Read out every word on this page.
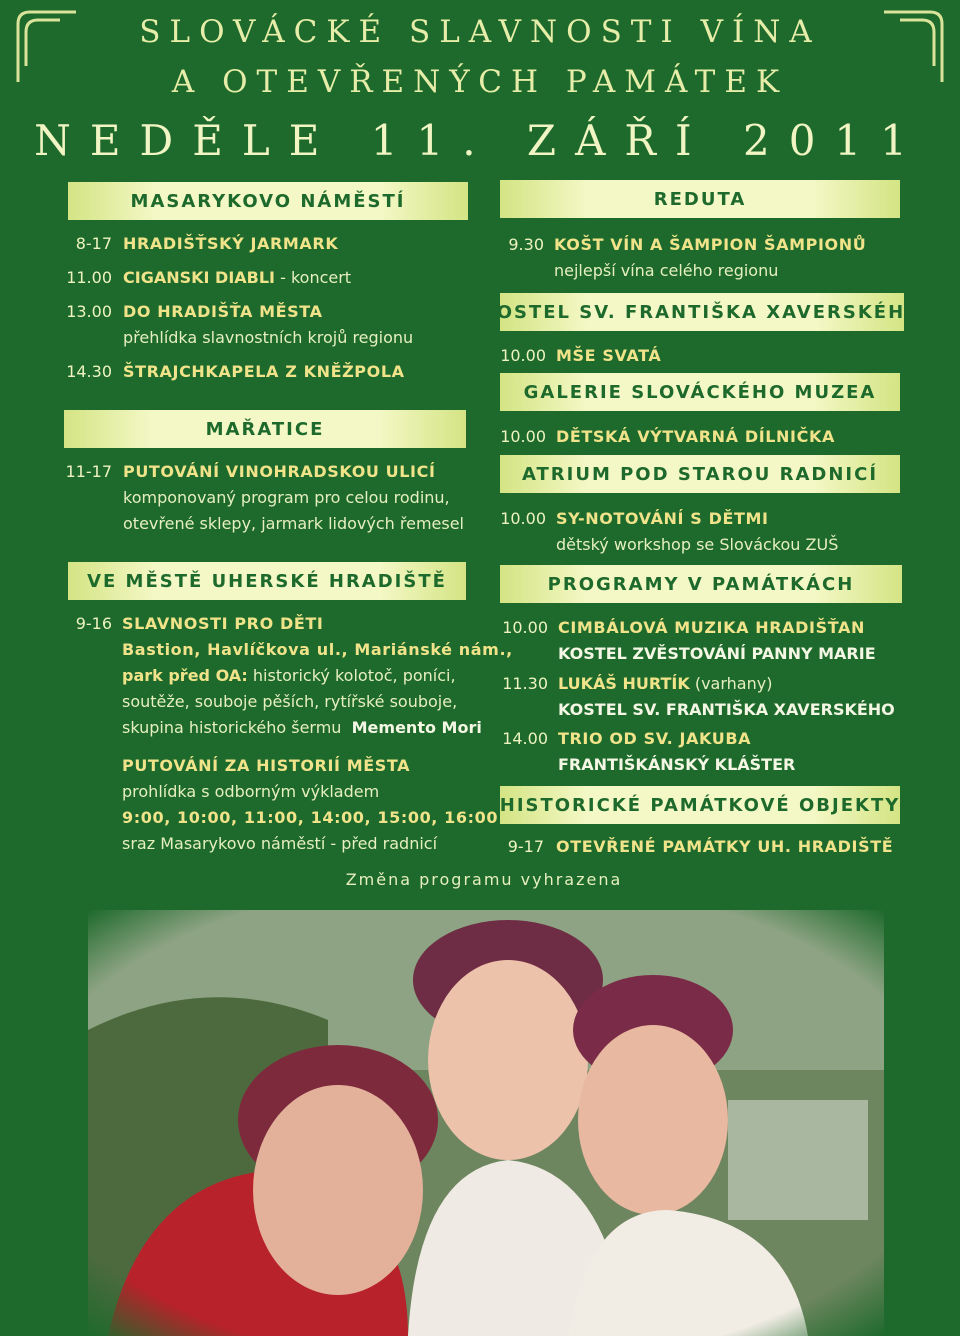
SLOVÁCKÉ SLAVNOSTI VÍNA
A OTEVŘENÝCH PAMÁTEK
NEDĚLE 11. ZÁŘÍ 2011
MASARYKOVO NÁMĚSTÍ
8-17 HRADIŠŤSKÝ JARMARK
11.00 CIGANSKI DIABLI - koncert
13.00 DO HRADIŠŤA MĚSTA
přehlídka slavnostních krojů regionu
14.30 ŠTRAJCHKAPELA Z KNĚŽPOLA
MAŘATICE
11-17 PUTOVÁNÍ VINOHRADSKOU ULICÍ
komponovaný program pro celou rodinu,
otevřené sklepy, jarmark lidových řemesel
VE MĚSTĚ UHERSKÉ HRADIŠTĚ
9-16 SLAVNOSTI PRO DĚTI
Bastion, Havlíčkova ul., Mariánské nám.,
park před OA: historický kolotoč, poníci,
soutěže, souboje pěších, rytířské souboje,
skupina historického šermu Memento Mori
PUTOVÁNÍ ZA HISTORIÍ MĚSTA
prohlídka s odborným výkladem
9:00, 10:00, 11:00, 14:00, 15:00, 16:00
sraz Masarykovo náměstí - před radnicí
REDUTA
9.30 KOŠT VÍN A ŠAMPION ŠAMPIONŮ
nejlepší vína celého regionu
KOSTEL SV. FRANTIŠKA XAVERSKÉHO
10.00 MŠE SVATÁ
GALERIE SLOVÁCKÉHO MUZEA
10.00 DĚTSKÁ VÝTVARNÁ DÍLNIČKA
ATRIUM POD STAROU RADNICÍ
10.00 SY-NOTOVÁNÍ S DĚTMI
dětský workshop se Slováckou ZUŠ
PROGRAMY V PAMÁTKÁCH
10.00 CIMBÁLOVÁ MUZIKA HRADIŠŤAN
KOSTEL ZVĚSTOVÁNÍ PANNY MARIE
11.30 LUKÁŠ HURTÍK (varhany)
KOSTEL SV. FRANTIŠKA XAVERSKÉHO
14.00 TRIO OD SV. JAKUBA
FRANTIŠKÁNSKÝ KLÁŠTER
HISTORICKÉ PAMÁTKOVÉ OBJEKTY
9-17 OTEVŘENÉ PAMÁTKY UH. HRADIŠTĚ
Změna programu vyhrazena
